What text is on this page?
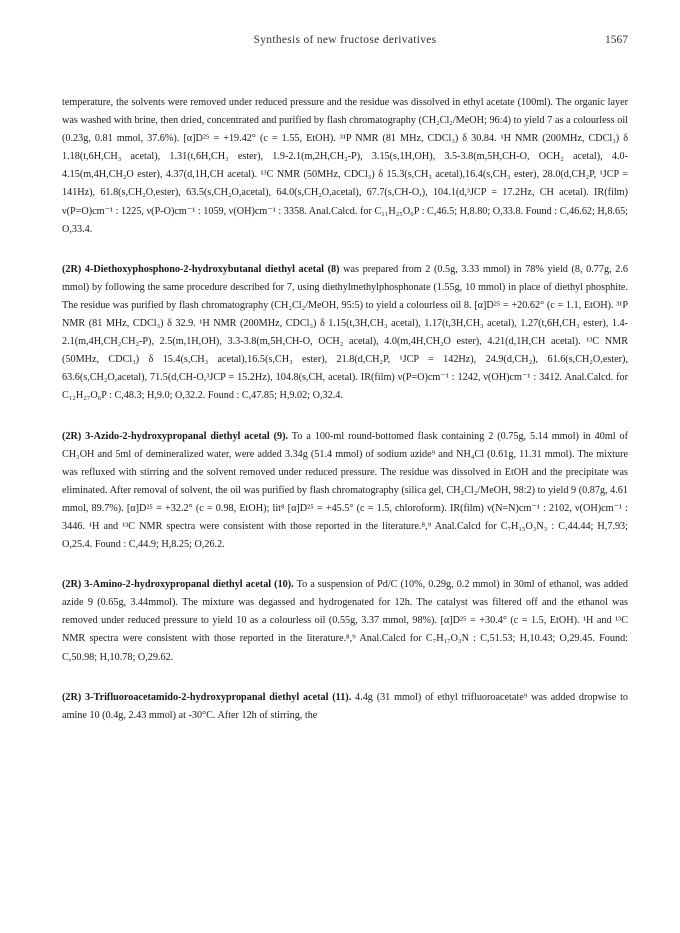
Synthesis of new fructose derivatives	1567

temperature, the solvents were removed under reduced pressure and the residue was dissolved in ethyl acetate (100ml). The organic layer was washed with brine, then dried, concentrated and purified by flash chromatography (CH₂Cl₂/MeOH; 96:4) to yield 7 as a colourless oil (0.23g, 0.81 mmol, 37.6%). [α]D²⁵ = +19.42° (c = 1.55, EtOH). ³¹P NMR (81 MHz, CDCl₃) δ 30.84. ¹H NMR (200MHz, CDCl₃) δ 1.18(t,6H,CH₃ acetal), 1.31(t,6H,CH₃ ester), 1.9-2.1(m,2H,CH₂-P), 3.15(s,1H,OH), 3.5-3.8(m,5H,CH-O, OCH₂ acetal), 4.0-4.15(m,4H,CH₂O ester), 4.37(d,1H,CH acetal). ¹³C NMR (50MHz, CDCl₃) δ 15.3(s,CH₃ acetal),16.4(s,CH₃ ester), 28.0(d,CH₂P, ¹JCP = 141Hz), 61.8(s,CH₂O,ester), 63.5(s,CH₂O,acetal), 64.0(s,CH₂O,acetal), 67.7(s,CH-O,), 104.1(d,³JCP = 17.2Hz, CH acetal). IR(film) ν(P=O)cm⁻¹ : 1225, ν(P-O)cm⁻¹ : 1059, ν(OH)cm⁻¹ : 3358. Anal.Calcd. for C₁₁H₂₅O₆P : C,46.5; H,8.80; O,33.8. Found : C,46.62; H,8.65; O,33.4.

(2R) 4-Diethoxyphosphono-2-hydroxybutanal diethyl acetal (8) was prepared from 2 (0.5g, 3.33 mmol) in 78% yield (8, 0.77g, 2.6 mmol) by following the same procedure described for 7, using diethylmethylphosphonate (1.55g, 10 mmol) in place of diethyl phosphite. The residue was purified by flash chromatography (CH₂Cl₂/MeOH, 95:5) to yield a colourless oil 8. [α]D²⁵ = +20.62° (c = 1.1, EtOH). ³¹P NMR (81 MHz, CDCl₃) δ 32.9. ¹H NMR (200MHz, CDCl₃) δ 1.15(t,3H,CH₃ acetal), 1.17(t,3H,CH₃ acetal), 1.27(t,6H,CH₃ ester), 1.4-2.1(m,4H,CH₂CH₂-P), 2.5(m,1H,OH), 3.3-3.8(m,5H,CH-O, OCH₂ acetal), 4.0(m,4H,CH₂O ester), 4.21(d,1H,CH acetal). ¹³C NMR (50MHz, CDCl₃) δ 15.4(s,CH₃ acetal),16.5(s,CH₃ ester), 21.8(d,CH₂P, ¹JCP = 142Hz), 24.9(d,CH₂), 61.6(s,CH₂O,ester), 63.6(s,CH₂O,acetal), 71.5(d,CH-O,³JCP = 15.2Hz), 104.8(s,CH, acetal). IR(film) ν(P=O)cm⁻¹ : 1242, ν(OH)cm⁻¹ : 3412. Anal.Calcd. for C₁₂H₂₇O₆P : C,48.3; H,9.0; O,32.2. Found : C,47.85; H,9.02; O,32.4.

(2R) 3-Azido-2-hydroxypropanal diethyl acetal (9). To a 100-ml round-bottomed flask containing 2 (0.75g, 5.14 mmol) in 40ml of CH₃OH and 5ml of demineralized water, were added 3.34g (51.4 mmol) of sodium azide⁹ and NH₄Cl (0.61g, 11.31 mmol). The mixture was refluxed with stirring and the solvent removed under reduced pressure. The residue was dissolved in EtOH and the precipitate was eliminated. After removal of solvent, the oil was purified by flash chromatography (silica gel, CH₂Cl₂/MeOH, 98:2) to yield 9 (0.87g, 4.61 mmol, 89.7%). [α]D²⁵ = +32.2° (c = 0.98, EtOH); lit⁸ [α]D²⁵ = +45.5° (c = 1.5, chloroform). IR(film) ν(N=N)cm⁻¹ : 2102, ν(OH)cm⁻¹ : 3446. ¹H and ¹³C NMR spectra were consistent with those reported in the literature.⁸,⁹ Anal.Calcd for C₇H₁₅O₃N₃ : C,44.44; H,7.93; O,25.4. Found : C,44.9; H,8.25; O,26.2.

(2R) 3-Amino-2-hydroxypropanal diethyl acetal (10). To a suspension of Pd/C (10%, 0.29g, 0.2 mmol) in 30ml of ethanol, was added azide 9 (0.65g, 3.44mmol). The mixture was degassed and hydrogenated for 12h. The catalyst was filtered off and the ethanol was removed under reduced pressure to yield 10 as a colourless oil (0.55g, 3.37 mmol, 98%). [α]D²⁵ = +30.4° (c = 1.5, EtOH). ¹H and ¹³C NMR spectra were consistent with those reported in the literature.⁸,⁹ Anal.Calcd for C₇H₁₇O₃N : C,51.53; H,10.43; O,29.45. Found: C,50.98; H,10.78; O,29.62.

(2R) 3-Trifluoroacetamido-2-hydroxypropanal diethyl acetal (11). 4.4g (31 mmol) of ethyl trifluoroacetate⁹ was added dropwise to amine 10 (0.4g, 2.43 mmol) at -30°C. After 12h of stirring, the
